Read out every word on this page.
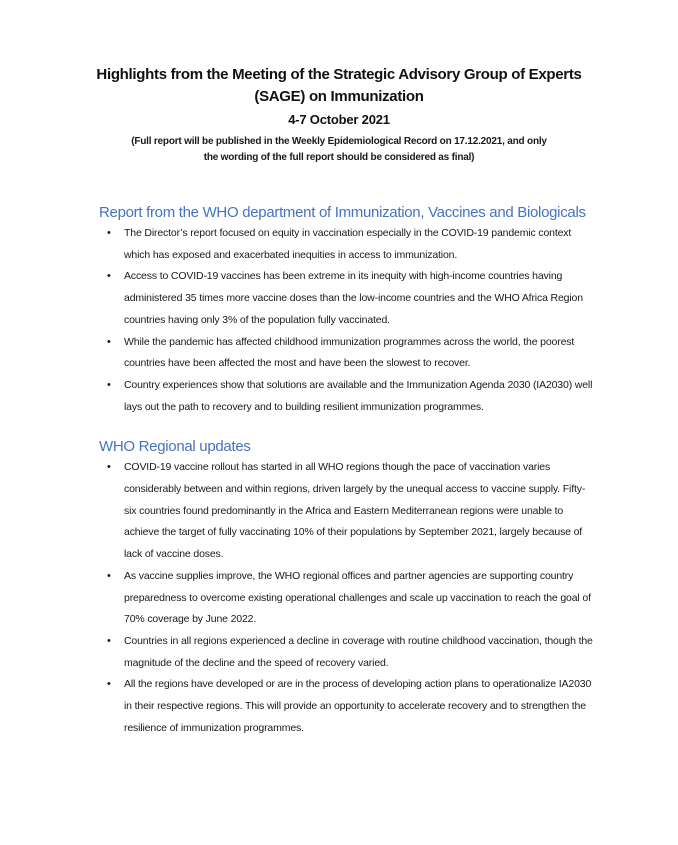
Highlights from the Meeting of the Strategic Advisory Group of Experts
(SAGE) on Immunization
4-7 October 2021
(Full report will be published in the Weekly Epidemiological Record on 17.12.2021, and only
the wording of the full report should be considered as final)
Report from the WHO department of Immunization, Vaccines and Biologicals
• The Director’s report focused on equity in vaccination especially in the COVID-19 pandemic context which has exposed and exacerbated inequities in access to immunization.
• Access to COVID-19 vaccines has been extreme in its inequity with high-income countries having administered 35 times more vaccine doses than the low-income countries and the WHO Africa Region countries having only 3% of the population fully vaccinated.
• While the pandemic has affected childhood immunization programmes across the world, the poorest countries have been affected the most and have been the slowest to recover.
• Country experiences show that solutions are available and the Immunization Agenda 2030 (IA2030) well lays out the path to recovery and to building resilient immunization programmes.
WHO Regional updates
• COVID-19 vaccine rollout has started in all WHO regions though the pace of vaccination varies considerably between and within regions, driven largely by the unequal access to vaccine supply. Fifty-six countries found predominantly in the Africa and Eastern Mediterranean regions were unable to achieve the target of fully vaccinating 10% of their populations by September 2021, largely because of lack of vaccine doses.
• As vaccine supplies improve, the WHO regional offices and partner agencies are supporting country preparedness to overcome existing operational challenges and scale up vaccination to reach the goal of 70% coverage by June 2022.
• Countries in all regions experienced a decline in coverage with routine childhood vaccination, though the magnitude of the decline and the speed of recovery varied.
• All the regions have developed or are in the process of developing action plans to operationalize IA2030 in their respective regions. This will provide an opportunity to accelerate recovery and to strengthen the resilience of immunization programmes.
